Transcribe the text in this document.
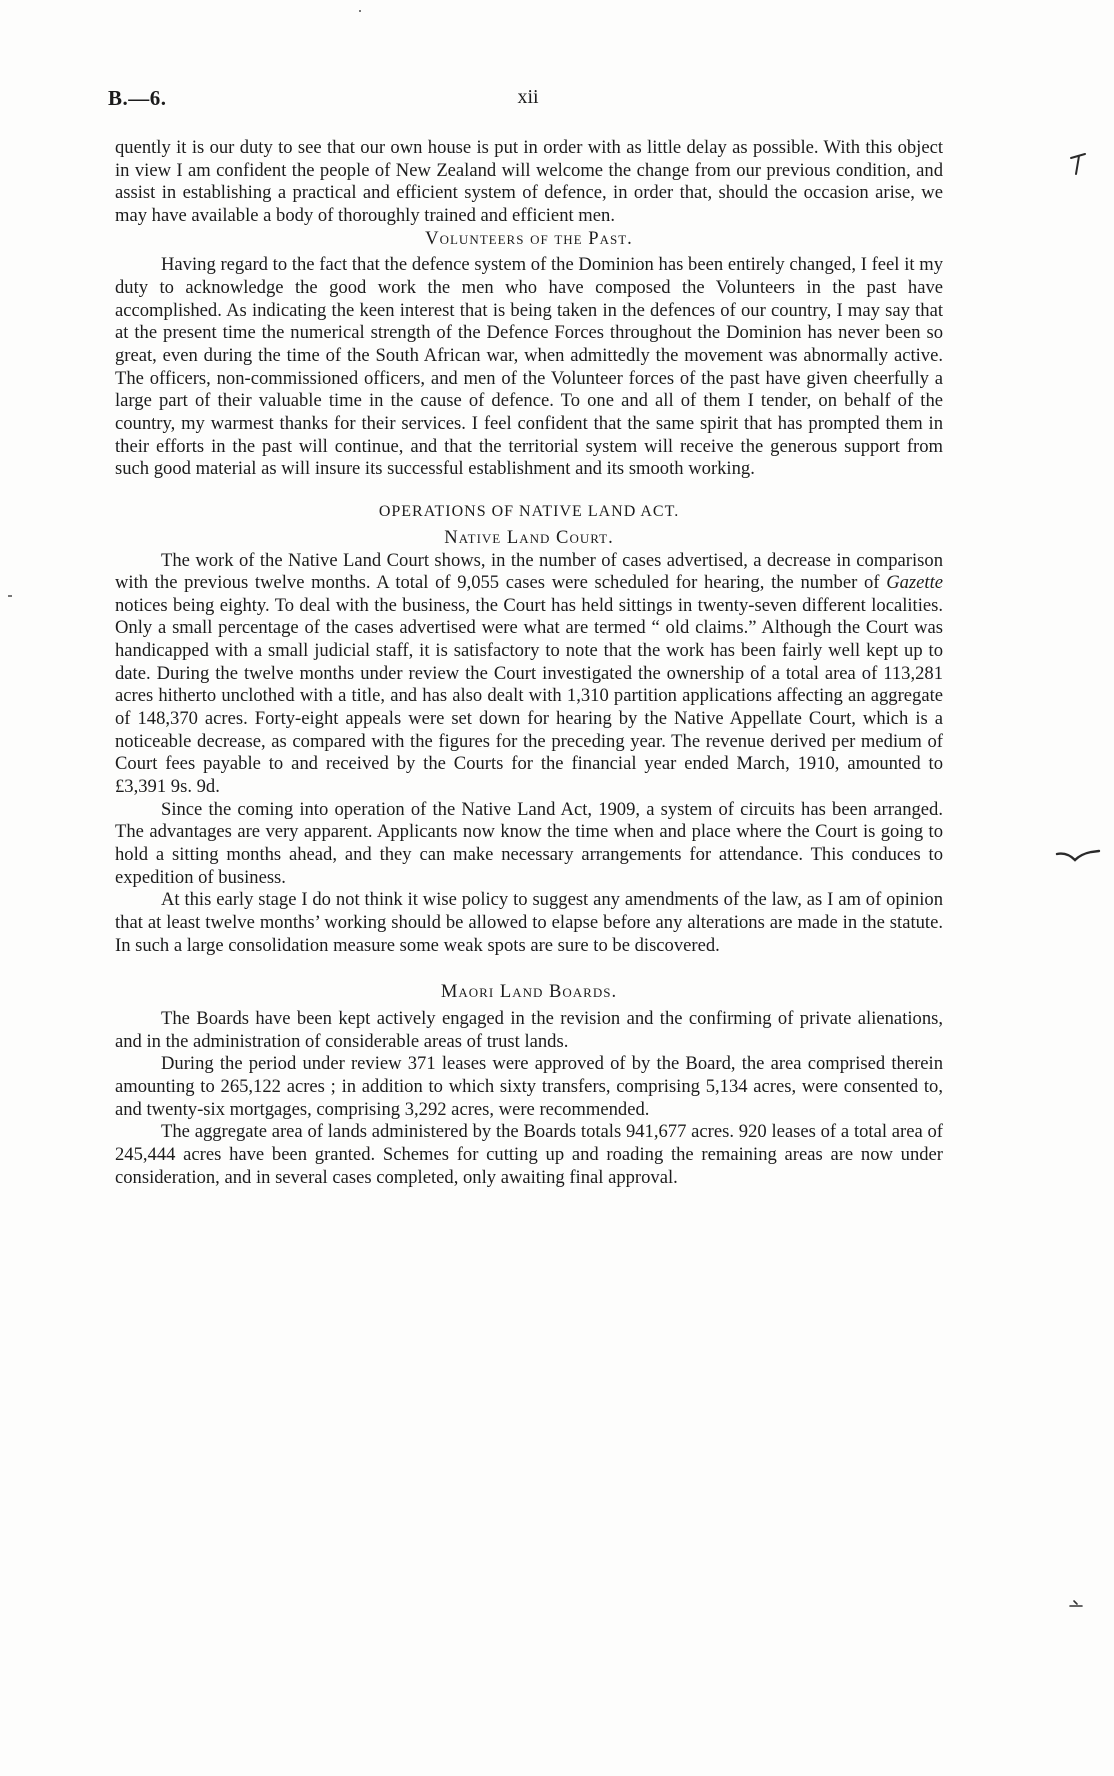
B.—6.	xii

quently it is our duty to see that our own house is put in order with as little delay as possible. With this object in view I am confident the people of New Zealand will welcome the change from our previous condition, and assist in establishing a practical and efficient system of defence, in order that, should the occasion arise, we may have available a body of thoroughly trained and efficient men.

Volunteers of the Past.

Having regard to the fact that the defence system of the Dominion has been entirely changed, I feel it my duty to acknowledge the good work the men who have composed the Volunteers in the past have accomplished. As indicating the keen interest that is being taken in the defences of our country, I may say that at the present time the numerical strength of the Defence Forces throughout the Dominion has never been so great, even during the time of the South African war, when admittedly the movement was abnormally active. The officers, non-commissioned officers, and men of the Volunteer forces of the past have given cheerfully a large part of their valuable time in the cause of defence. To one and all of them I tender, on behalf of the country, my warmest thanks for their services. I feel confident that the same spirit that has prompted them in their efforts in the past will continue, and that the territorial system will receive the generous support from such good material as will insure its successful establishment and its smooth working.

OPERATIONS OF NATIVE LAND ACT.

Native Land Court.

The work of the Native Land Court shows, in the number of cases advertised, a decrease in comparison with the previous twelve months. A total of 9,055 cases were scheduled for hearing, the number of Gazette notices being eighty. To deal with the business, the Court has held sittings in twenty-seven different localities. Only a small percentage of the cases advertised were what are termed “ old claims.” Although the Court was handicapped with a small judicial staff, it is satisfactory to note that the work has been fairly well kept up to date. During the twelve months under review the Court investigated the ownership of a total area of 113,281 acres hitherto unclothed with a title, and has also dealt with 1,310 partition applications affecting an aggregate of 148,370 acres. Forty-eight appeals were set down for hearing by the Native Appellate Court, which is a noticeable decrease, as compared with the figures for the preceding year. The revenue derived per medium of Court fees payable to and received by the Courts for the financial year ended March, 1910, amounted to £3,391 9s. 9d.

Since the coming into operation of the Native Land Act, 1909, a system of circuits has been arranged. The advantages are very apparent. Applicants now know the time when and place where the Court is going to hold a sitting months ahead, and they can make necessary arrangements for attendance. This conduces to expedition of business.

At this early stage I do not think it wise policy to suggest any amendments of the law, as I am of opinion that at least twelve months’ working should be allowed to elapse before any alterations are made in the statute. In such a large consolidation measure some weak spots are sure to be discovered.

Maori Land Boards.

The Boards have been kept actively engaged in the revision and the confirming of private alienations, and in the administration of considerable areas of trust lands.

During the period under review 371 leases were approved of by the Board, the area comprised therein amounting to 265,122 acres ; in addition to which sixty transfers, comprising 5,134 acres, were consented to, and twenty-six mortgages, comprising 3,292 acres, were recommended.

The aggregate area of lands administered by the Boards totals 941,677 acres. 920 leases of a total area of 245,444 acres have been granted. Schemes for cutting up and roading the remaining areas are now under consideration, and in several cases completed, only awaiting final approval.
